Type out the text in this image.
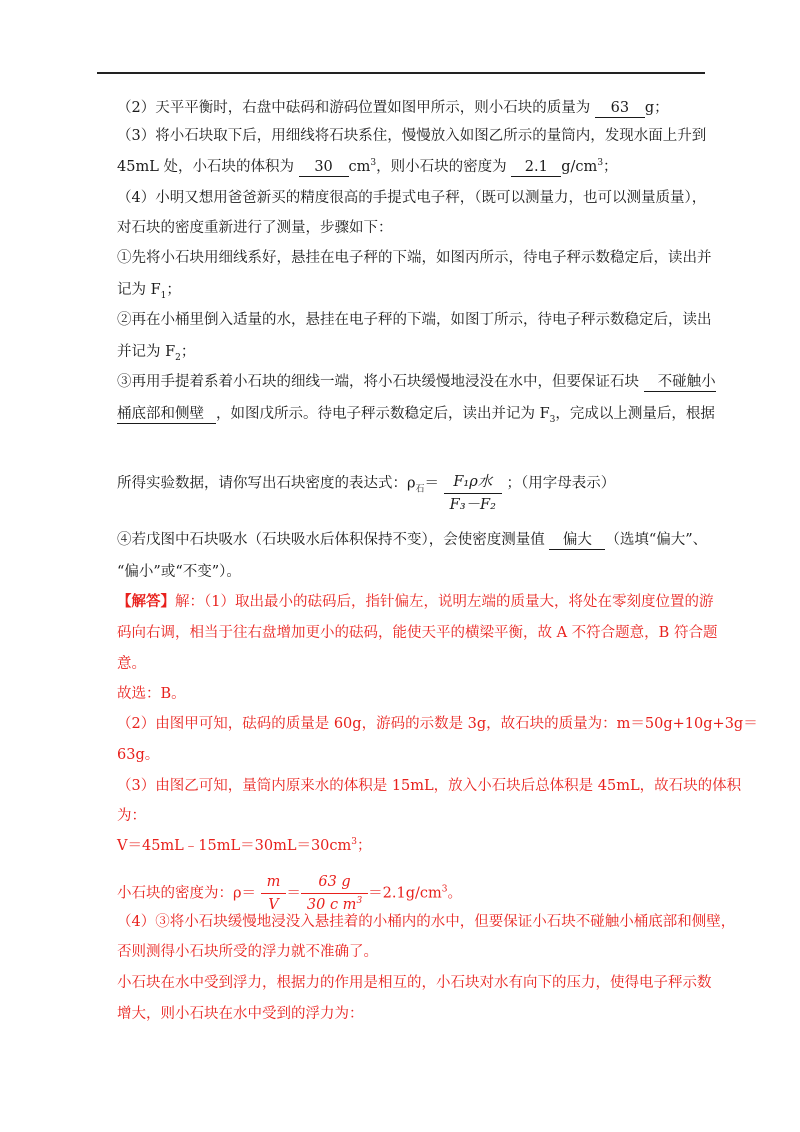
（2）天平平衡时，右盘中砝码和游码位置如图甲所示，则小石块的质量为 63 g；
（3）将小石块取下后，用细线将石块系住，慢慢放入如图乙所示的量筒内，发现水面上升到
45mL 处，小石块的体积为 30 $cm^3$，则小石块的密度为 2.1 $g/cm^3$；
（4）小明又想用爸爸新买的精度很高的手提式电子秤，（既可以测量力，也可以测量质量），
对石块的密度重新进行了测量，步骤如下：
①先将小石块用细线系好，悬挂在电子秤的下端，如图丙所示，待电子秤示数稳定后，读出并
记为 $F_1$；
②再在小桶里倒入适量的水，悬挂在电子秤的下端，如图丁所示，待电子秤示数稳定后，读出
并记为 $F_2$；
③再用手提着系着小石块的细线一端，将小石块缓慢地浸没在水中，但要保证石块 不碰触小
桶底部和侧壁 ，如图戊所示。待电子秤示数稳定后，读出并记为 $F_3$，完成以上测量后，根据
所得实验数据，请你写出石块密度的表达式：$\rho_石= \frac{\text{F₁ρ水}}{\text{F₃－F₂}}$ ；（用字母表示）
④若戊图中石块吸水（石块吸水后体积保持不变），会使密度测量值 偏大 （选填“偏大”、
“偏小”或“不变”）。
【解答】解：（1）取出最小的砝码后，指针偏左，说明左端的质量大，将处在零刻度位置的游
码向右调，相当于往右盘增加更小的砝码，能使天平的横梁平衡，故 A 不符合题意，B 符合题
意。
故选：B。
（2）由图甲可知，砝码的质量是 60g，游码的示数是 3g，故石块的质量为：m＝50g+10g+3g＝
63g。
（3）由图乙可知，量筒内原来水的体积是 15mL，放入小石块后总体积是 45mL，故石块的体积
为：
$V=45mL﹣15mL=30mL=30cm^3$；
小石块的密度为：$\rho= \frac{m}{V} = \frac{63 g}{30 c m^3} =2.1g/cm^3$。
（4）③将小石块缓慢地浸没入悬挂着的小桶内的水中，但要保证小石块不碰触小桶底部和侧壁，
否则测得小石块所受的浮力就不准确了。
小石块在水中受到浮力，根据力的作用是相互的，小石块对水有向下的压力，使得电子秤示数
增大，则小石块在水中受到的浮力为：
